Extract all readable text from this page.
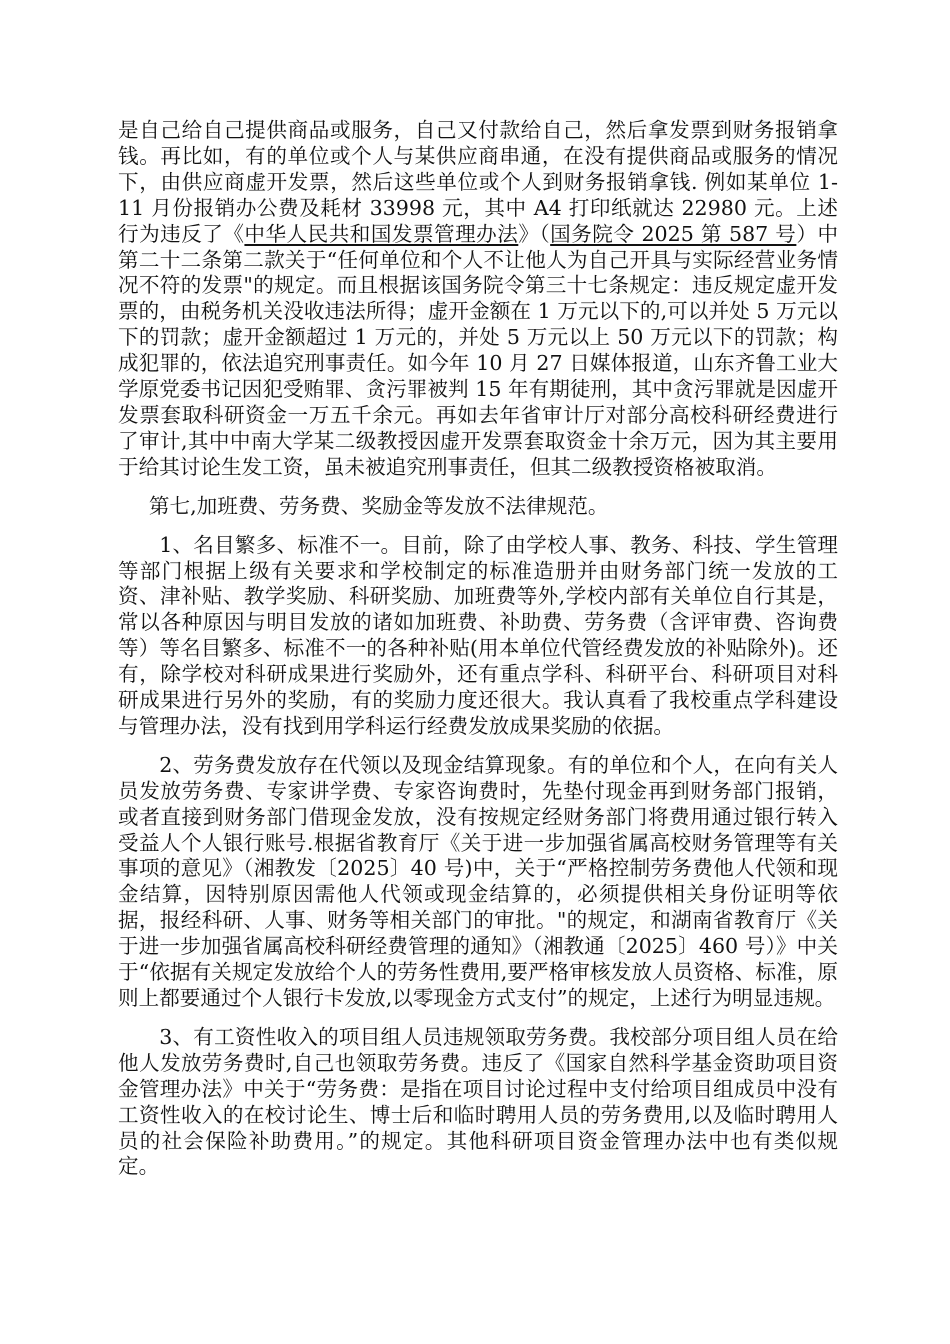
是自己给自己提供商品或服务，自己又付款给自己，然后拿发票到财务报销拿钱。再比如，有的单位或个人与某供应商串通，在没有提供商品或服务的情况下，由供应商虚开发票，然后这些单位或个人到财务报销拿钱. 例如某单位 1-11 月份报销办公费及耗材 33998 元，其中 A4 打印纸就达 22980 元。上述行为违反了《中华人民共和国发票管理办法》（国务院令 2025 第 587 号）中第二十二条第二款关于“任何单位和个人不让他人为自己开具与实际经营业务情况不符的发票"的规定。而且根据该国务院令第三十七条规定：违反规定虚开发票的，由税务机关没收违法所得；虚开金额在 1 万元以下的,可以并处 5 万元以下的罚款；虚开金额超过 1 万元的，并处 5 万元以上 50 万元以下的罚款；构成犯罪的，依法追究刑事责任。如今年 10 月 27 日媒体报道，山东齐鲁工业大学原党委书记因犯受贿罪、贪污罪被判 15 年有期徒刑，其中贪污罪就是因虚开发票套取科研资金一万五千余元。再如去年省审计厅对部分高校科研经费进行了审计,其中中南大学某二级教授因虚开发票套取资金十余万元，因为其主要用于给其讨论生发工资，虽未被追究刑事责任，但其二级教授资格被取消。

第七,加班费、劳务费、奖励金等发放不法律规范。

1、名目繁多、标准不一。目前，除了由学校人事、教务、科技、学生管理等部门根据上级有关要求和学校制定的标准造册并由财务部门统一发放的工资、津补贴、教学奖励、科研奖励、加班费等外,学校内部有关单位自行其是，常以各种原因与明目发放的诸如加班费、补助费、劳务费（含评审费、咨询费等）等名目繁多、标准不一的各种补贴(用本单位代管经费发放的补贴除外)。还有，除学校对科研成果进行奖励外，还有重点学科、科研平台、科研项目对科研成果进行另外的奖励，有的奖励力度还很大。我认真看了我校重点学科建设与管理办法，没有找到用学科运行经费发放成果奖励的依据。

2、劳务费发放存在代领以及现金结算现象。有的单位和个人，在向有关人员发放劳务费、专家讲学费、专家咨询费时，先垫付现金再到财务部门报销，或者直接到财务部门借现金发放，没有按规定经财务部门将费用通过银行转入受益人个人银行账号.根据省教育厅《关于进一步加强省属高校财务管理等有关事项的意见》（湘教发〔2025〕40 号)中，关于“严格控制劳务费他人代领和现金结算，因特别原因需他人代领或现金结算的，必须提供相关身份证明等依据，报经科研、人事、财务等相关部门的审批。"的规定，和湖南省教育厅《关于进一步加强省属高校科研经费管理的通知》（湘教通〔2025〕460 号）》中关于“依据有关规定发放给个人的劳务性费用,要严格审核发放人员资格、标准，原则上都要通过个人银行卡发放,以零现金方式支付”的规定，上述行为明显违规。

3、有工资性收入的项目组人员违规领取劳务费。我校部分项目组人员在给他人发放劳务费时,自己也领取劳务费。违反了《国家自然科学基金资助项目资金管理办法》中关于“劳务费：是指在项目讨论过程中支付给项目组成员中没有工资性收入的在校讨论生、博士后和临时聘用人员的劳务费用,以及临时聘用人员的社会保险补助费用。”的规定。其他科研项目资金管理办法中也有类似规定。
